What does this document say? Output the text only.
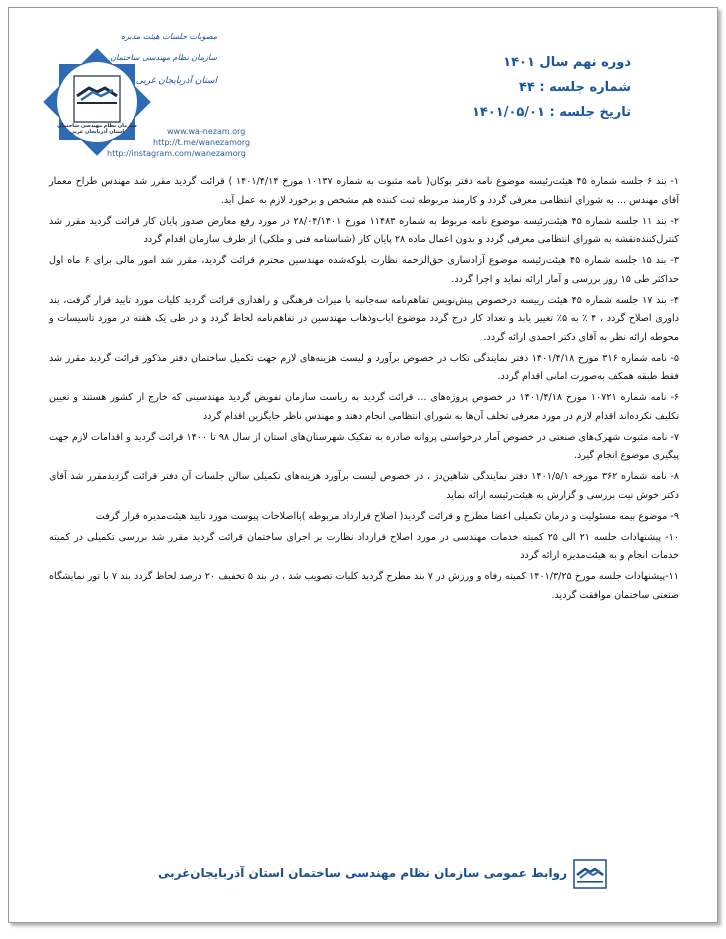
سازمان نظام مهندسی ساختمان
استان آذربایجان غربی
مصوبات جلسات هیئت مدیره
سازمان نظام مهندسی ساختمان
استان آذربایجان غربی
www.wa-nezam.org
http://t.me/wanezamorg
http://instagram.com/wanezamorg
دوره نهم سال ۱۴۰۱
شماره جلسه : ۴۴
تاریخ جلسه : ۱۴۰۱/۰۵/۰۱

۱- بند ۶ جلسه شماره ۴۵ هیئت‌رئیسه موضوع نامه دفتر بوکان( نامه مثبوت به شماره ۱۰۱۳۷ مورخ ۱۴۰۱/۴/۱۴ ) قرائت گردید مقرر شد مهندس طراح معمار آقای مهندس ... به شورای انتظامی معرفی گردد و کارمند مربوطه ثبت کننده هم مشخص و برخورد لازم به عمل آید.

۲- بند ۱۱ جلسه شماره ۴۵ هیئت‌رئیسه موضوع نامه مربوط به شماره ۱۱۴۸۳ مورخ ۲۸/۰۴/۱۴۰۱ در مورد رفع معارض صدور پایان کار قرائت گردید مقرر شد کنترل‌کننده‌نقشه به شورای انتظامی معرفی گردد و بدون اعمال ماده ۲۸ پایان کار (شناسنامه فنی و ملکی) از طرف سازمان اقدام گردد

۳- بند ۱۵ جلسه شماره ۴۵ هیئت‌رئیسه موضوع آزادسازی حق‌الزحمه نظارت بلوکه‌شده مهندسین محترم قرائت گردید، مقرر شد امور مالی برای ۶ ماه اول حداکثر طی ۱۵ روز بررسی و آمار ارائه نماید و اجرا گردد.

۴- بند ۱۷ جلسه شماره ۴۵ هیئت رییسه درخصوص پیش‌نویس تفاهم‌نامه سه‌جانبه با میراث فرهنگی و راهداری قرائت گردید کلیات مورد تایید قرار گرفت، بند داوری اصلاح گردد ، ۴ ٪ به ۵٪ تغییر یابد و تعداد کار درج گردد موضوع ایاب‌وذهاب مهندسین در تفاهم‌نامه لحاظ گردد و در طی یک هفته در مورد تاسیسات و محوطه ارائه نظر به آقای دکتر احمدی ارائه گردد.

۵- نامه شماره ۳۱۶ مورخ ۱۴۰۱/۴/۱۸ دفتر نمایندگی تکاب در خصوص برآورد و لیست هزینه‌های لازم جهت تکمیل ساختمان دفتر مذکور قرائت گردید مقرر شد فقط طبقه همکف به‌صورت امانی اقدام گردد.

۶- نامه شماره ۱۰۷۲۱ مورخ ۱۴۰۱/۴/۱۸ در خصوص پروژه‌های ... قرائت گردید به ریاست سازمان تفویض گردید مهندسینی که خارج از کشور هستند و تعیین تکلیف نکرده‌اند اقدام لازم در مورد معرفی تخلف آن‌ها به شورای انتظامی انجام دهند و مهندس ناظر جایگزین اقدام گردد

۷- نامه مثبوت شهرک‌های صنعتی در خصوص آمار درخواستی پروانه صادره به تفکیک شهرستان‌های استان از سال ۹۸ تا ۱۴۰۰ قرائت گردید و اقدامات لازم جهت پیگیری موضوع انجام گیرد.

۸- نامه شماره ۳۶۲ مورخه ۱۴۰۱/۵/۱ دفتر نمایندگی شاهین‌دژ ، در خصوص لیست برآورد هزینه‌های تکمیلی سالن جلسات آن دفتر قرائت گردیدمقرر شد آقای دکتر خوش نیت بررسی و گزارش به هیئت‌رئیسه ارائه نماید

۹- موضوع بیمه مسئولیت و درمان تکمیلی اعضا مطرح و قرائت گردید( اصلاح قرارداد مربوطه )بااصلاحات پیوست مورد تایید هیئت‌مدیره قرار گرفت

۱۰- پیشنهادات جلسه ۲۱ الی ۲۵ کمیته خدمات مهندسی در مورد اصلاح قرارداد نظارت بر اجرای ساختمان قرائت گردید مقرر شد بررسی تکمیلی در کمیته خدمات انجام و به هیئت‌مدیره ارائه گردد

۱۱-پیشنهادات جلسه مورخ ۱۴۰۱/۳/۲۵ کمیته رفاه و ورزش در ۷ بند مطرح گردید کلیات تصویب شد ، در بند ۵ تخفیف ۲۰ درصد لحاظ گردد بند ۷ با تور نمایشگاه صنعتی ساختمان موافقت گردید.

روابط عمومی سازمان نظام مهندسی ساختمان استان آذربایجان‌غربی
